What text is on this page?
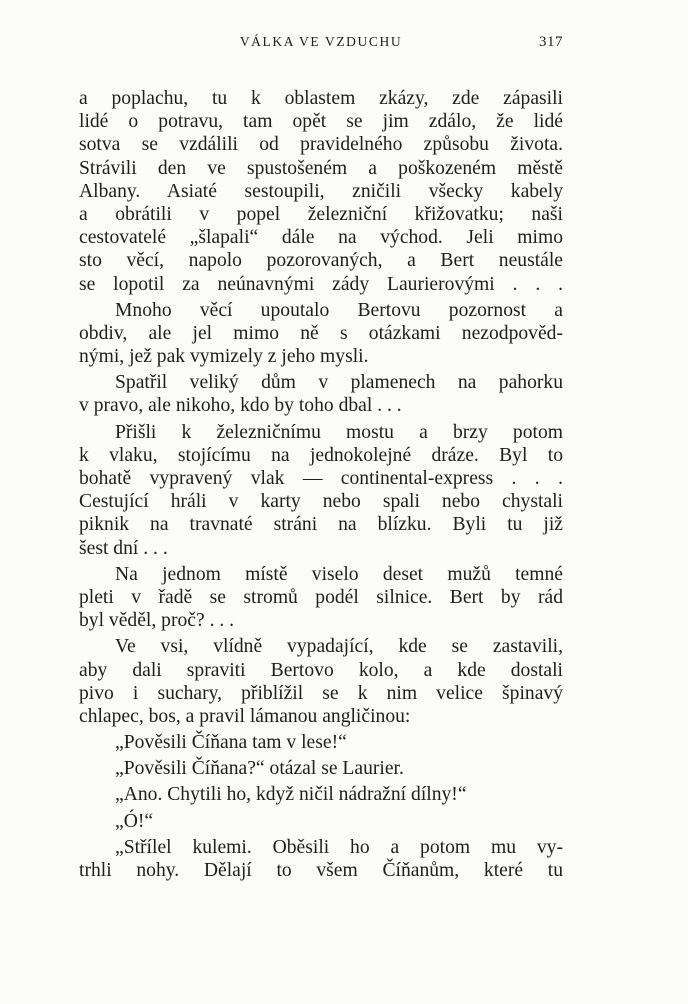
VÁLKA VE VZDUCHU	317
a poplachu, tu k oblastem zkázy, zde zápasili
lidé o potravu, tam opět se jim zdálo, že lidé
sotva se vzdálili od pravidelného způsobu života.
Strávili den ve spustošeném a poškozeném městě
Albany. Asiaté sestoupili, zničili všecky kabely
a obrátili v popel železniční křižovatku; naši
cestovatelé „šlapali“ dále na východ. Jeli mimo
sto věcí, napolo pozorovaných, a Bert neustále
se lopotil za neúnavnými zády Laurierovými . . .
Mnoho věcí upoutalo Bertovu pozornost a
obdiv, ale jel mimo ně s otázkami nezodpověd-
nými, jež pak vymizely z jeho mysli.
Spatřil veliký dům v plamenech na pahorku
v pravo, ale nikoho, kdo by toho dbal . . .
Přišli k železničnímu mostu a brzy potom
k vlaku, stojícímu na jednokolejné dráze. Byl to
bohatě vypravený vlak — continental-express . . .
Cestující hráli v karty nebo spali nebo chystali
piknik na travnaté stráni na blízku. Byli tu již
šest dní . . .
Na jednom místě viselo deset mužů temné
pleti v řadě se stromů podél silnice. Bert by rád
byl věděl, proč? . . .
Ve vsi, vlídně vypadající, kde se zastavili,
aby dali spraviti Bertovo kolo, a kde dostali
pivo i suchary, přiblížil se k nim velice špinavý
chlapec, bos, a pravil lámanou angličinou:
„Pověsili Číňana tam v lese!“
„Pověsili Číňana?“ otázal se Laurier.
„Ano. Chytili ho, když ničil nádražní dílny!“
„Ó!“
„Střílel kulemi. Oběsili ho a potom mu vy-
trhli nohy. Dělají to všem Číňanům, které tu
